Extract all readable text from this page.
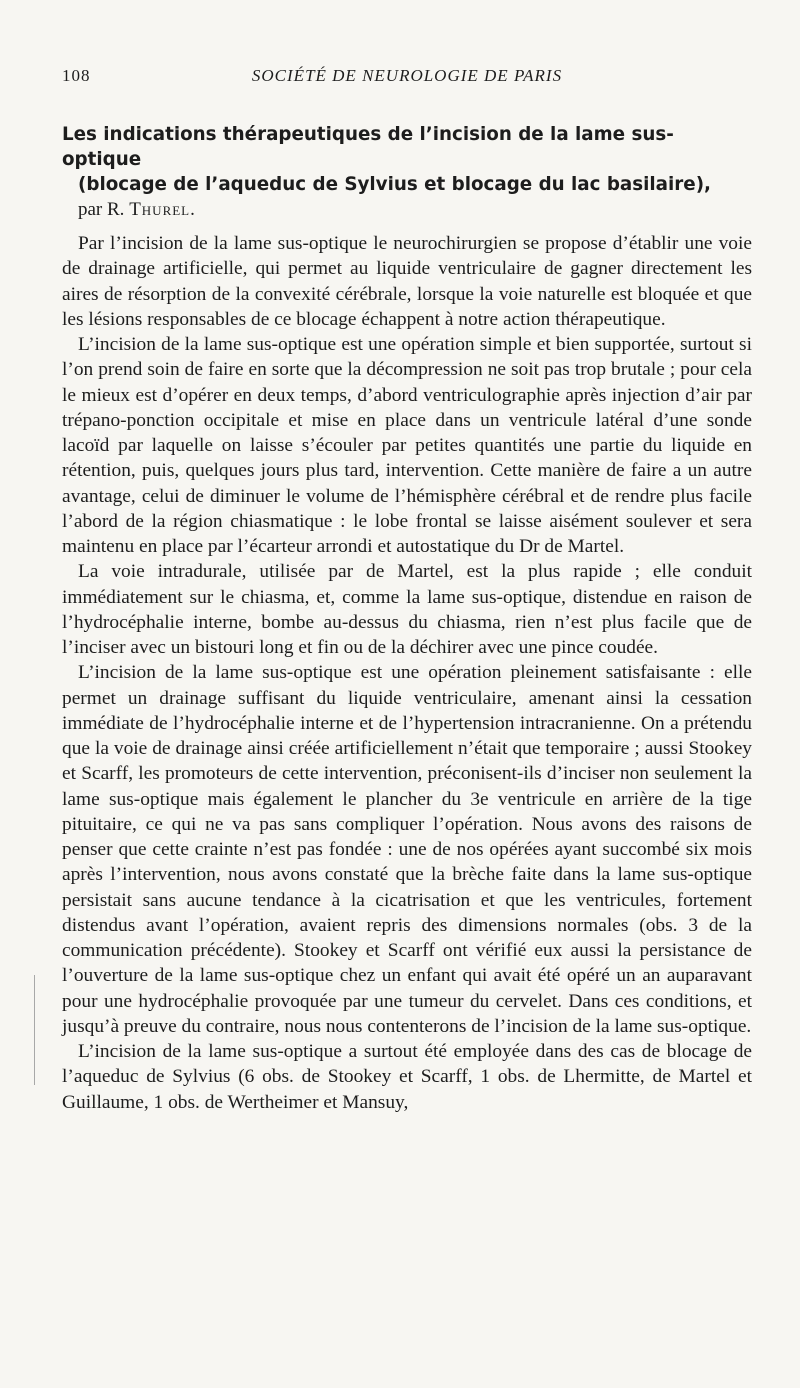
108	SOCIÉTÉ DE NEUROLOGIE DE PARIS
Les indications thérapeutiques de l’incision de la lame sus-optique
(blocage de l’aqueduc de Sylvius et blocage du lac basilaire),
par R. Thurel.

Par l’incision de la lame sus-optique le neurochirurgien se propose d’établir une voie de drainage artificielle, qui permet au liquide ventriculaire de gagner directement les aires de résorption de la convexité cérébrale, lorsque la voie naturelle est bloquée et que les lésions responsables de ce blocage échappent à notre action thérapeutique.

L’incision de la lame sus-optique est une opération simple et bien supportée, surtout si l’on prend soin de faire en sorte que la décompression ne soit pas trop brutale ; pour cela le mieux est d’opérer en deux temps, d’abord ventriculographie après injection d’air par trépano-ponction occipitale et mise en place dans un ventricule latéral d’une sonde lacoïd par laquelle on laisse s’écouler par petites quantités une partie du liquide en rétention, puis, quelques jours plus tard, intervention. Cette manière de faire a un autre avantage, celui de diminuer le volume de l’hémisphère cérébral et de rendre plus facile l’abord de la région chiasmatique : le lobe frontal se laisse aisément soulever et sera maintenu en place par l’écarteur arrondi et autostatique du Dr de Martel.

La voie intradurale, utilisée par de Martel, est la plus rapide ; elle conduit immédiatement sur le chiasma, et, comme la lame sus-optique, distendue en raison de l’hydrocéphalie interne, bombe au-dessus du chiasma, rien n’est plus facile que de l’inciser avec un bistouri long et fin ou de la déchirer avec une pince coudée.

L’incision de la lame sus-optique est une opération pleinement satisfaisante : elle permet un drainage suffisant du liquide ventriculaire, amenant ainsi la cessation immédiate de l’hydrocéphalie interne et de l’hypertension intracranienne. On a prétendu que la voie de drainage ainsi créée artificiellement n’était que temporaire ; aussi Stookey et Scarff, les promoteurs de cette intervention, préconisent-ils d’inciser non seulement la lame sus-optique mais également le plancher du 3e ventricule en arrière de la tige pituitaire, ce qui ne va pas sans compliquer l’opération. Nous avons des raisons de penser que cette crainte n’est pas fondée : une de nos opérées ayant succombé six mois après l’intervention, nous avons constaté que la brèche faite dans la lame sus-optique persistait sans aucune tendance à la cicatrisation et que les ventricules, fortement distendus avant l’opération, avaient repris des dimensions normales (obs. 3 de la communication précédente). Stookey et Scarff ont vérifié eux aussi la persistance de l’ouverture de la lame sus-optique chez un enfant qui avait été opéré un an auparavant pour une hydrocéphalie provoquée par une tumeur du cervelet. Dans ces conditions, et jusqu’à preuve du contraire, nous nous contenterons de l’incision de la lame sus-optique.

L’incision de la lame sus-optique a surtout été employée dans des cas de blocage de l’aqueduc de Sylvius (6 obs. de Stookey et Scarff, 1 obs. de Lhermitte, de Martel et Guillaume, 1 obs. de Wertheimer et Mansuy,
